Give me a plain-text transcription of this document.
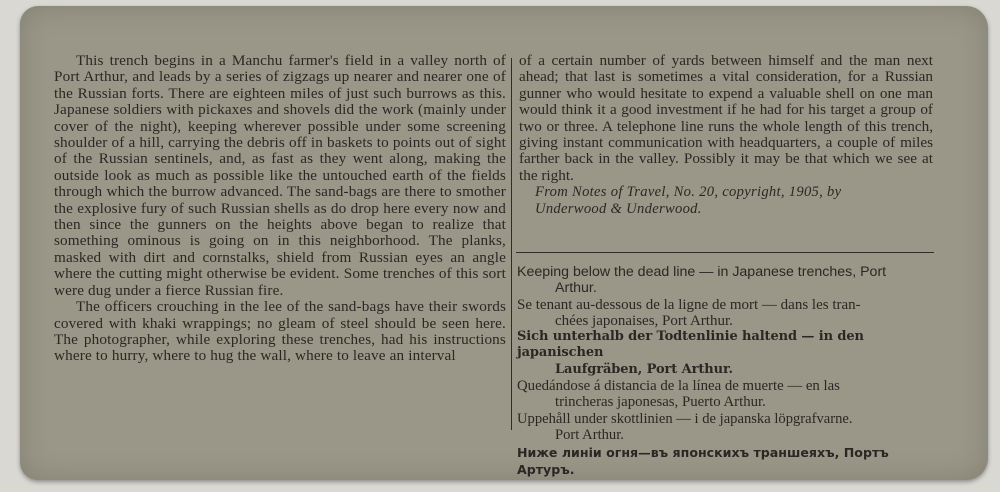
This trench begins in a Manchu farmer's field in a valley north of Port Arthur, and leads by a series of zigzags up nearer and nearer one of the Russian forts. There are eighteen miles of just such burrows as this. Japanese soldiers with pickaxes and shovels did the work (mainly under cover of the night), keeping wherever possible under some screening shoulder of a hill, carrying the debris off in baskets to points out of sight of the Russian sentinels, and, as fast as they went along, making the outside look as much as possible like the untouched earth of the fields through which the burrow advanced. The sand-bags are there to smother the explosive fury of such Russian shells as do drop here every now and then since the gunners on the heights above began to realize that something ominous is going on in this neighborhood. The planks, masked with dirt and cornstalks, shield from Russian eyes an angle where the cutting might otherwise be evident. Some trenches of this sort were dug under a fierce Russian fire.

The officers crouching in the lee of the sand-bags have their swords covered with khaki wrappings; no gleam of steel should be seen here. The photographer, while exploring these trenches, had his instructions where to hurry, where to hug the wall, where to leave an interval

of a certain number of yards between himself and the man next ahead; that last is sometimes a vital consideration, for a Russian gunner who would hesitate to expend a valuable shell on one man would think it a good investment if he had for his target a group of two or three. A telephone line runs the whole length of this trench, giving instant communication with headquarters, a couple of miles farther back in the valley. Possibly it may be that which we see at the right.

From Notes of Travel, No. 20, copyright, 1905, by
Underwood & Underwood.

Keeping below the dead line — in Japanese trenches, Port
Arthur.

Se tenant au-dessous de la ligne de mort — dans les tran-
chées japonaises, Port Arthur.

Sich unterhalb der Todtenlinie haltend — in den japanischen
Laufgräben, Port Arthur.

Quedándose á distancia de la línea de muerte — en las
trincheras japonesas, Puerto Arthur.

Uppehåll under skottlinien — i de japanska löpgrafvarne.
Port Arthur.

Ниже линiи огня—въ японскихъ траншеяхъ, Портъ Артуръ.
